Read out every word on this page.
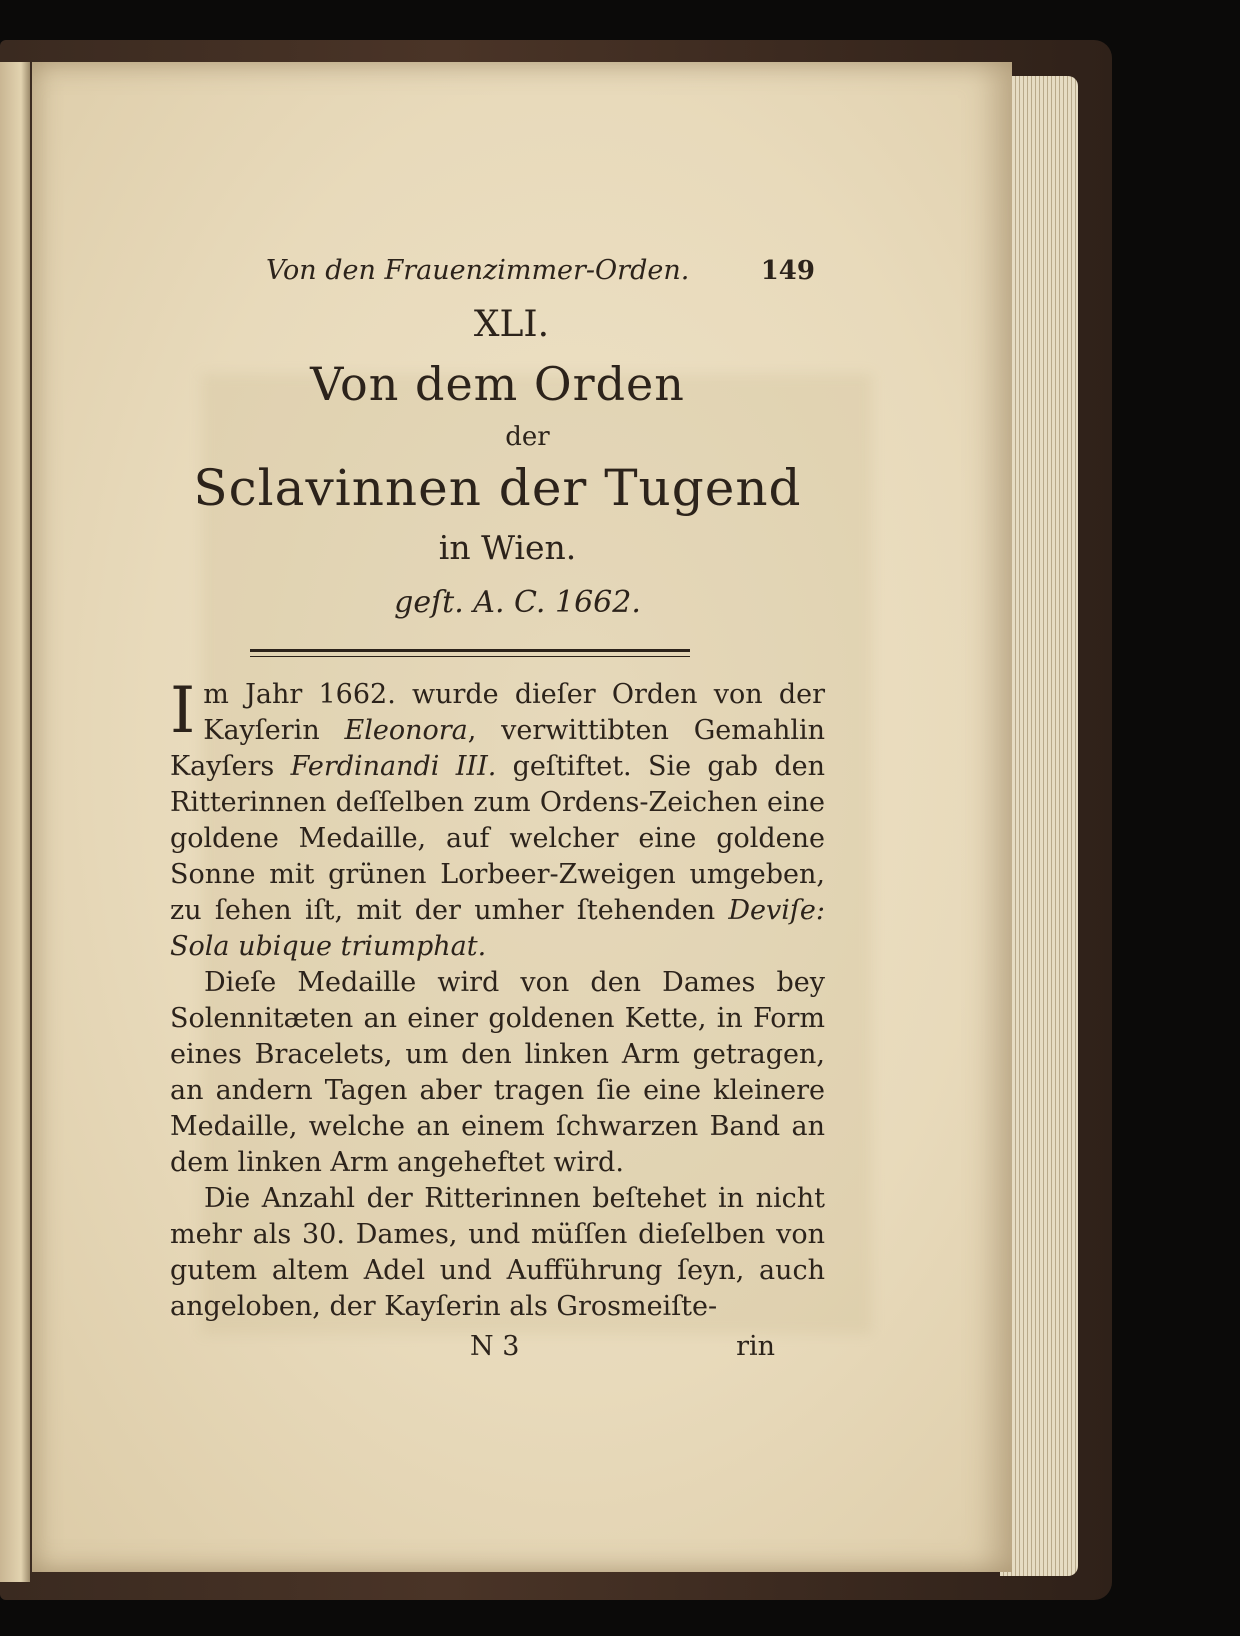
Von den Frauenzimmer-Orden.	149
XLI.
Von dem Orden
der
Sclavinnen der Tugend
in Wien.
geſt. A. C. 1662.

Im Jahr 1662. wurde dieſer Orden von der Kayſerin Eleonora, verwittibten Gemahlin Kayſers Ferdinandi III. geſtiftet. Sie gab den Ritterinnen deſſelben zum Ordens-Zeichen eine goldene Medaille, auf welcher eine goldene Sonne mit grünen Lorbeer-Zweigen umgeben, zu ſehen iſt, mit der umher ſtehenden Deviſe: Sola ubique triumphat.

Dieſe Medaille wird von den Dames bey Solennitæten an einer goldenen Kette, in Form eines Bracelets, um den linken Arm getragen, an andern Tagen aber tragen ſie eine kleinere Medaille, welche an einem ſchwarzen Band an dem linken Arm angeheftet wird.

Die Anzahl der Ritterinnen beſtehet in nicht mehr als 30. Dames, und müſſen dieſelben von gutem altem Adel und Aufführung ſeyn, auch angeloben, der Kayſerin als Grosmeiſte-

N 3	rin
